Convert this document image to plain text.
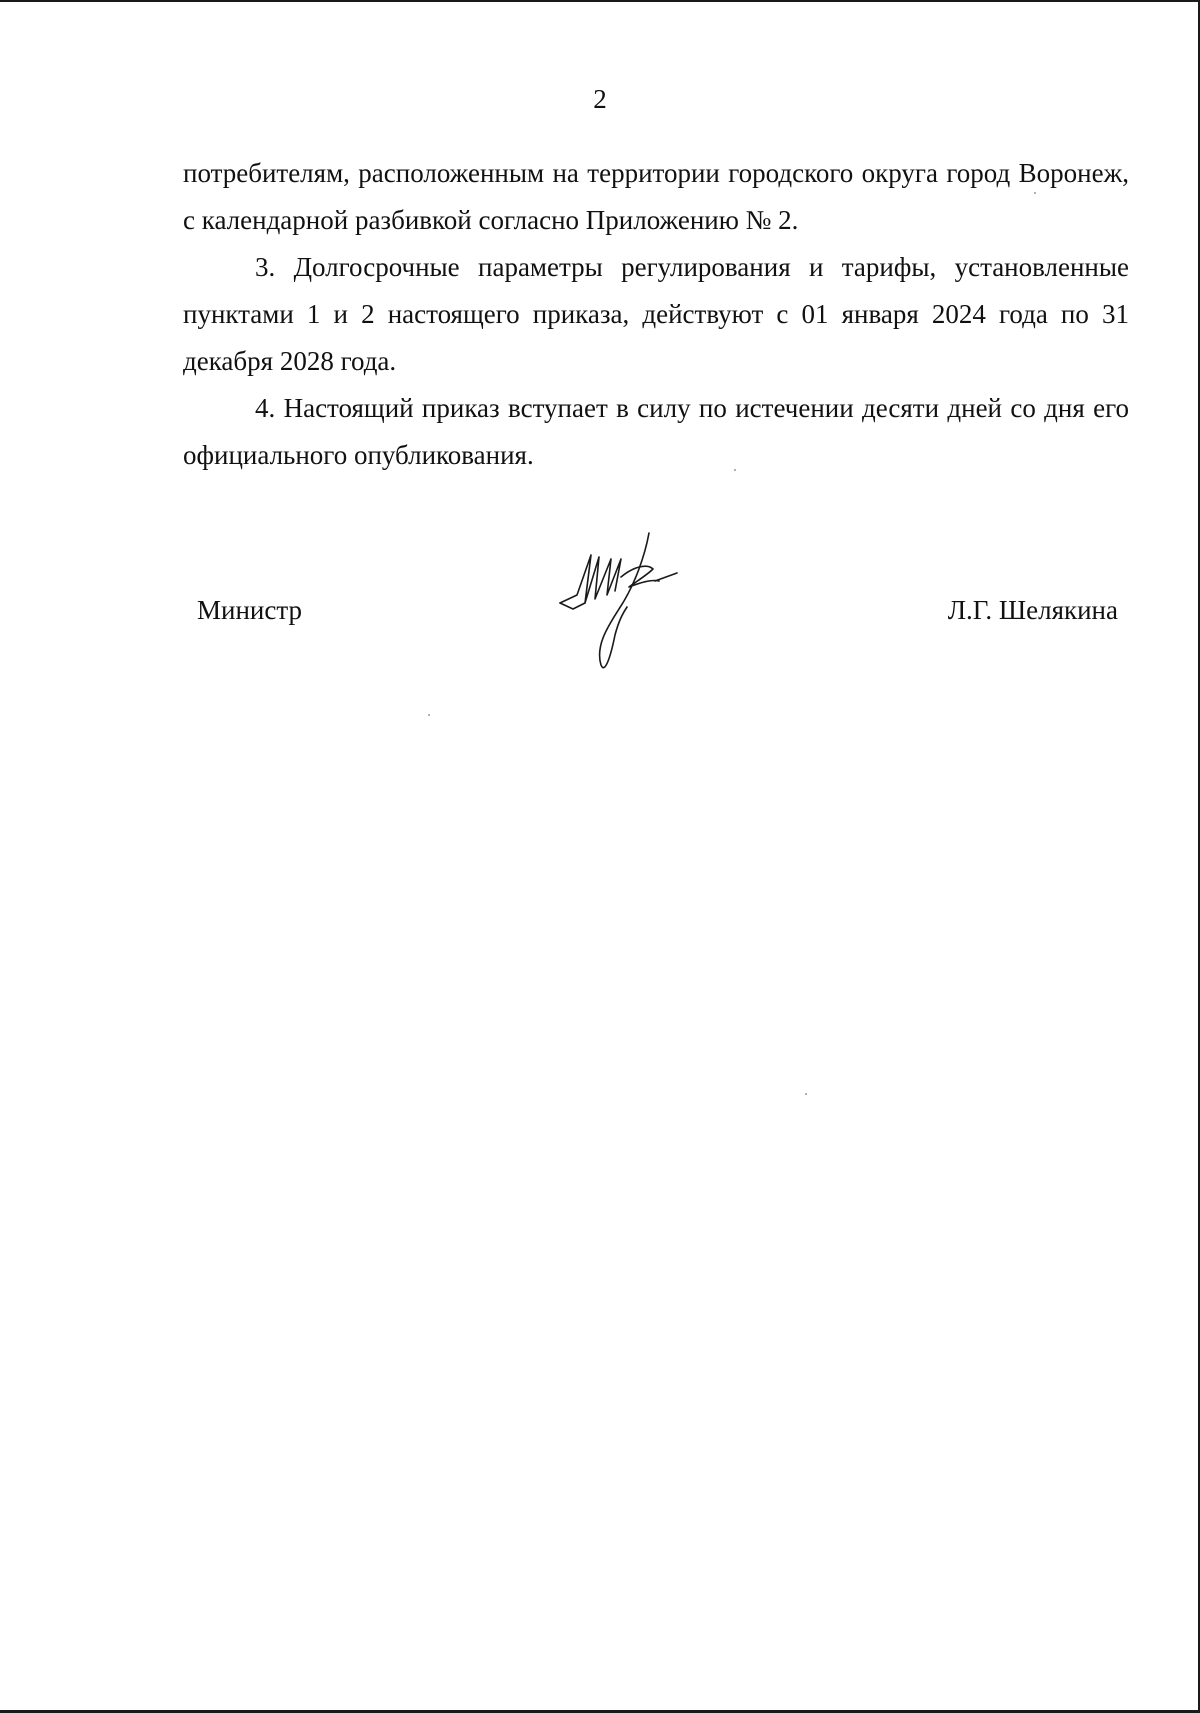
2

потребителям, расположенным на территории городского округа город Воронеж, с календарной разбивкой согласно Приложению № 2.

3. Долгосрочные параметры регулирования и тарифы, установленные пунктами 1 и 2 настоящего приказа, действуют с 01 января 2024 года по 31 декабря 2028 года.

4. Настоящий приказ вступает в силу по истечении десяти дней со дня его официального опубликования.

Министр	Л.Г. Шелякина
